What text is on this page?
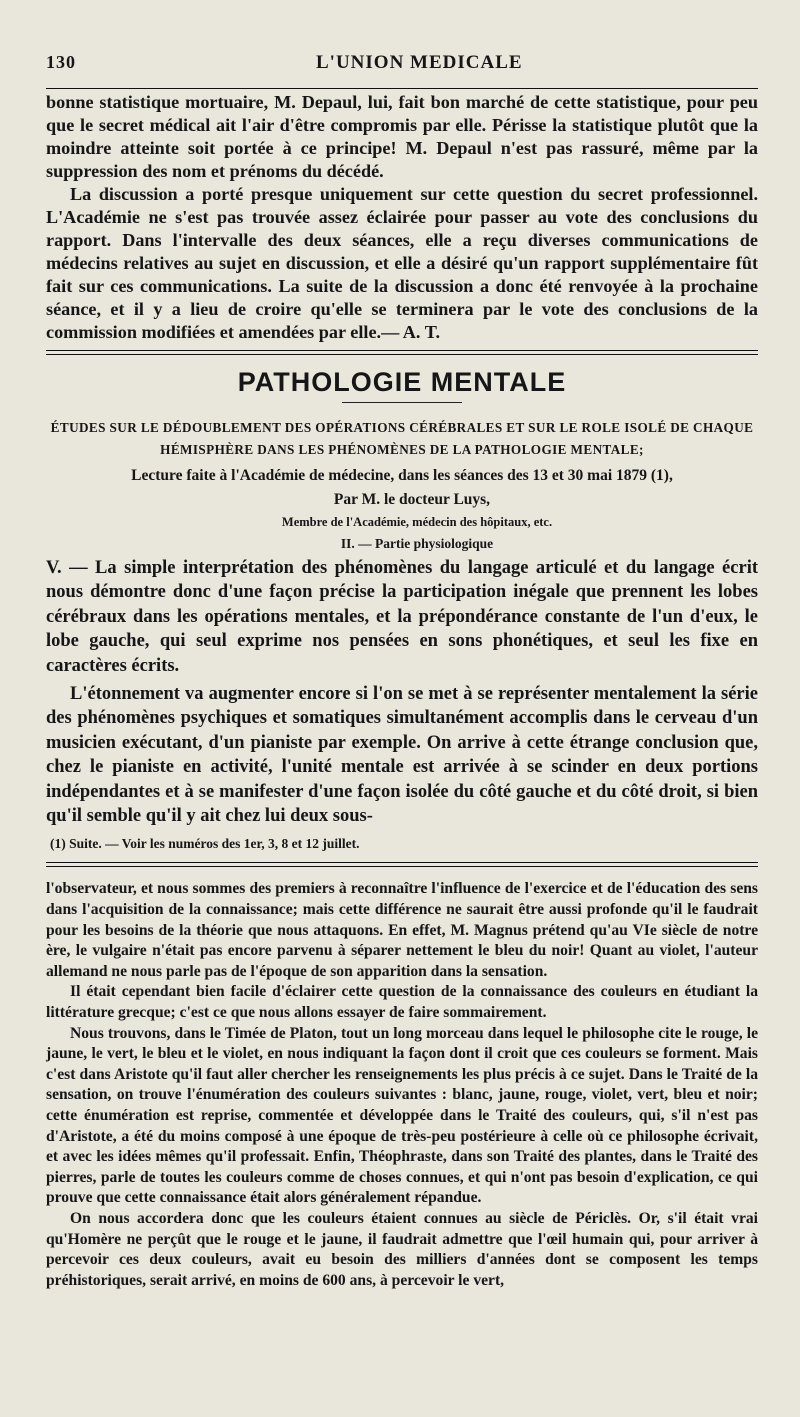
130	L'UNION MEDICALE

bonne statistique mortuaire, M. Depaul, lui, fait bon marché de cette statistique, pour peu que le secret médical ait l'air d'être compromis par elle. Périsse la statistique plutôt que la moindre atteinte soit portée à ce principe! M. Depaul n'est pas rassuré, même par la suppression des nom et prénoms du décédé.

La discussion a porté presque uniquement sur cette question du secret professionnel. L'Académie ne s'est pas trouvée assez éclairée pour passer au vote des conclusions du rapport. Dans l'intervalle des deux séances, elle a reçu diverses communications de médecins relatives au sujet en discussion, et elle a désiré qu'un rapport supplémentaire fût fait sur ces communications. La suite de la discussion a donc été renvoyée à la prochaine séance, et il y a lieu de croire qu'elle se terminera par le vote des conclusions de la commission modifiées et amendées par elle.— A. T.

PATHOLOGIE MENTALE

ÉTUDES SUR LE DÉDOUBLEMENT DES OPÉRATIONS CÉRÉBRALES ET SUR LE ROLE ISOLÉ DE CHAQUE HÉMISPHÈRE DANS LES PHÉNOMÈNES DE LA PATHOLOGIE MENTALE;

Lecture faite à l'Académie de médecine, dans les séances des 13 et 30 mai 1879 (1),

Par M. le docteur Luys,

Membre de l'Académie, médecin des hôpitaux, etc.

II. — Partie physiologique

V. — La simple interprétation des phénomènes du langage articulé et du langage écrit nous démontre donc d'une façon précise la participation inégale que prennent les lobes cérébraux dans les opérations mentales, et la prépondérance constante de l'un d'eux, le lobe gauche, qui seul exprime nos pensées en sons phonétiques, et seul les fixe en caractères écrits.

L'étonnement va augmenter encore si l'on se met à se représenter mentalement la série des phénomènes psychiques et somatiques simultanément accomplis dans le cerveau d'un musicien exécutant, d'un pianiste par exemple. On arrive à cette étrange conclusion que, chez le pianiste en activité, l'unité mentale est arrivée à se scinder en deux portions indépendantes et à se manifester d'une façon isolée du côté gauche et du côté droit, si bien qu'il semble qu'il y ait chez lui deux sous-

(1) Suite. — Voir les numéros des 1er, 3, 8 et 12 juillet.

l'observateur, et nous sommes des premiers à reconnaître l'influence de l'exercice et de l'éducation des sens dans l'acquisition de la connaissance; mais cette différence ne saurait être aussi profonde qu'il le faudrait pour les besoins de la théorie que nous attaquons. En effet, M. Magnus prétend qu'au VIe siècle de notre ère, le vulgaire n'était pas encore parvenu à séparer nettement le bleu du noir! Quant au violet, l'auteur allemand ne nous parle pas de l'époque de son apparition dans la sensation.

Il était cependant bien facile d'éclairer cette question de la connaissance des couleurs en étudiant la littérature grecque; c'est ce que nous allons essayer de faire sommairement.

Nous trouvons, dans le Timée de Platon, tout un long morceau dans lequel le philosophe cite le rouge, le jaune, le vert, le bleu et le violet, en nous indiquant la façon dont il croit que ces couleurs se forment. Mais c'est dans Aristote qu'il faut aller chercher les renseignements les plus précis à ce sujet. Dans le Traité de la sensation, on trouve l'énumération des couleurs suivantes : blanc, jaune, rouge, violet, vert, bleu et noir; cette énumération est reprise, commentée et développée dans le Traité des couleurs, qui, s'il n'est pas d'Aristote, a été du moins composé à une époque de très-peu postérieure à celle où ce philosophe écrivait, et avec les idées mêmes qu'il professait. Enfin, Théophraste, dans son Traité des plantes, dans le Traité des pierres, parle de toutes les couleurs comme de choses connues, et qui n'ont pas besoin d'explication, ce qui prouve que cette connaissance était alors généralement répandue.

On nous accordera donc que les couleurs étaient connues au siècle de Périclès. Or, s'il était vrai qu'Homère ne perçût que le rouge et le jaune, il faudrait admettre que l'œil humain qui, pour arriver à percevoir ces deux couleurs, avait eu besoin des milliers d'années dont se composent les temps préhistoriques, serait arrivé, en moins de 600 ans, à percevoir le vert,
